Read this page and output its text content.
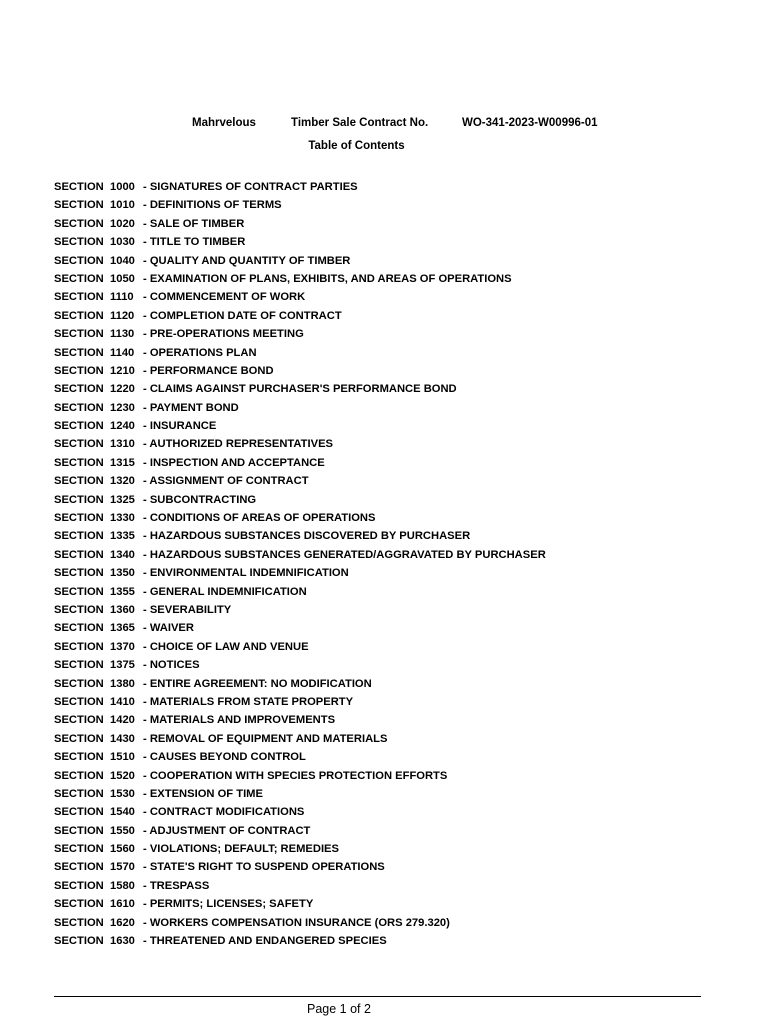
Mahrvelous	Timber Sale Contract No.	WO-341-2023-W00996-01
Table of Contents
SECTION 1000 - SIGNATURES OF CONTRACT PARTIES
SECTION 1010 - DEFINITIONS OF TERMS
SECTION 1020 - SALE OF TIMBER
SECTION 1030 - TITLE TO TIMBER
SECTION 1040 - QUALITY AND QUANTITY OF TIMBER
SECTION 1050 - EXAMINATION OF PLANS, EXHIBITS, AND AREAS OF OPERATIONS
SECTION 1110 - COMMENCEMENT OF WORK
SECTION 1120 - COMPLETION DATE OF CONTRACT
SECTION 1130 - PRE-OPERATIONS MEETING
SECTION 1140 - OPERATIONS PLAN
SECTION 1210 - PERFORMANCE BOND
SECTION 1220 - CLAIMS AGAINST PURCHASER'S PERFORMANCE BOND
SECTION 1230 - PAYMENT BOND
SECTION 1240 - INSURANCE
SECTION 1310 - AUTHORIZED REPRESENTATIVES
SECTION 1315 - INSPECTION AND ACCEPTANCE
SECTION 1320 - ASSIGNMENT OF CONTRACT
SECTION 1325 - SUBCONTRACTING
SECTION 1330 - CONDITIONS OF AREAS OF OPERATIONS
SECTION 1335 - HAZARDOUS SUBSTANCES DISCOVERED BY PURCHASER
SECTION 1340 - HAZARDOUS SUBSTANCES GENERATED/AGGRAVATED BY PURCHASER
SECTION 1350 - ENVIRONMENTAL INDEMNIFICATION
SECTION 1355 - GENERAL INDEMNIFICATION
SECTION 1360 - SEVERABILITY
SECTION 1365 - WAIVER
SECTION 1370 - CHOICE OF LAW AND VENUE
SECTION 1375 - NOTICES
SECTION 1380 - ENTIRE AGREEMENT: NO MODIFICATION
SECTION 1410 - MATERIALS FROM STATE PROPERTY
SECTION 1420 - MATERIALS AND IMPROVEMENTS
SECTION 1430 - REMOVAL OF EQUIPMENT AND MATERIALS
SECTION 1510 - CAUSES BEYOND CONTROL
SECTION 1520 - COOPERATION WITH SPECIES PROTECTION EFFORTS
SECTION 1530 - EXTENSION OF TIME
SECTION 1540 - CONTRACT MODIFICATIONS
SECTION 1550 - ADJUSTMENT OF CONTRACT
SECTION 1560 - VIOLATIONS; DEFAULT; REMEDIES
SECTION 1570 - STATE'S RIGHT TO SUSPEND OPERATIONS
SECTION 1580 - TRESPASS
SECTION 1610 - PERMITS; LICENSES; SAFETY
SECTION 1620 - WORKERS COMPENSATION INSURANCE (ORS 279.320)
SECTION 1630 - THREATENED AND ENDANGERED SPECIES
Page 1 of 2
